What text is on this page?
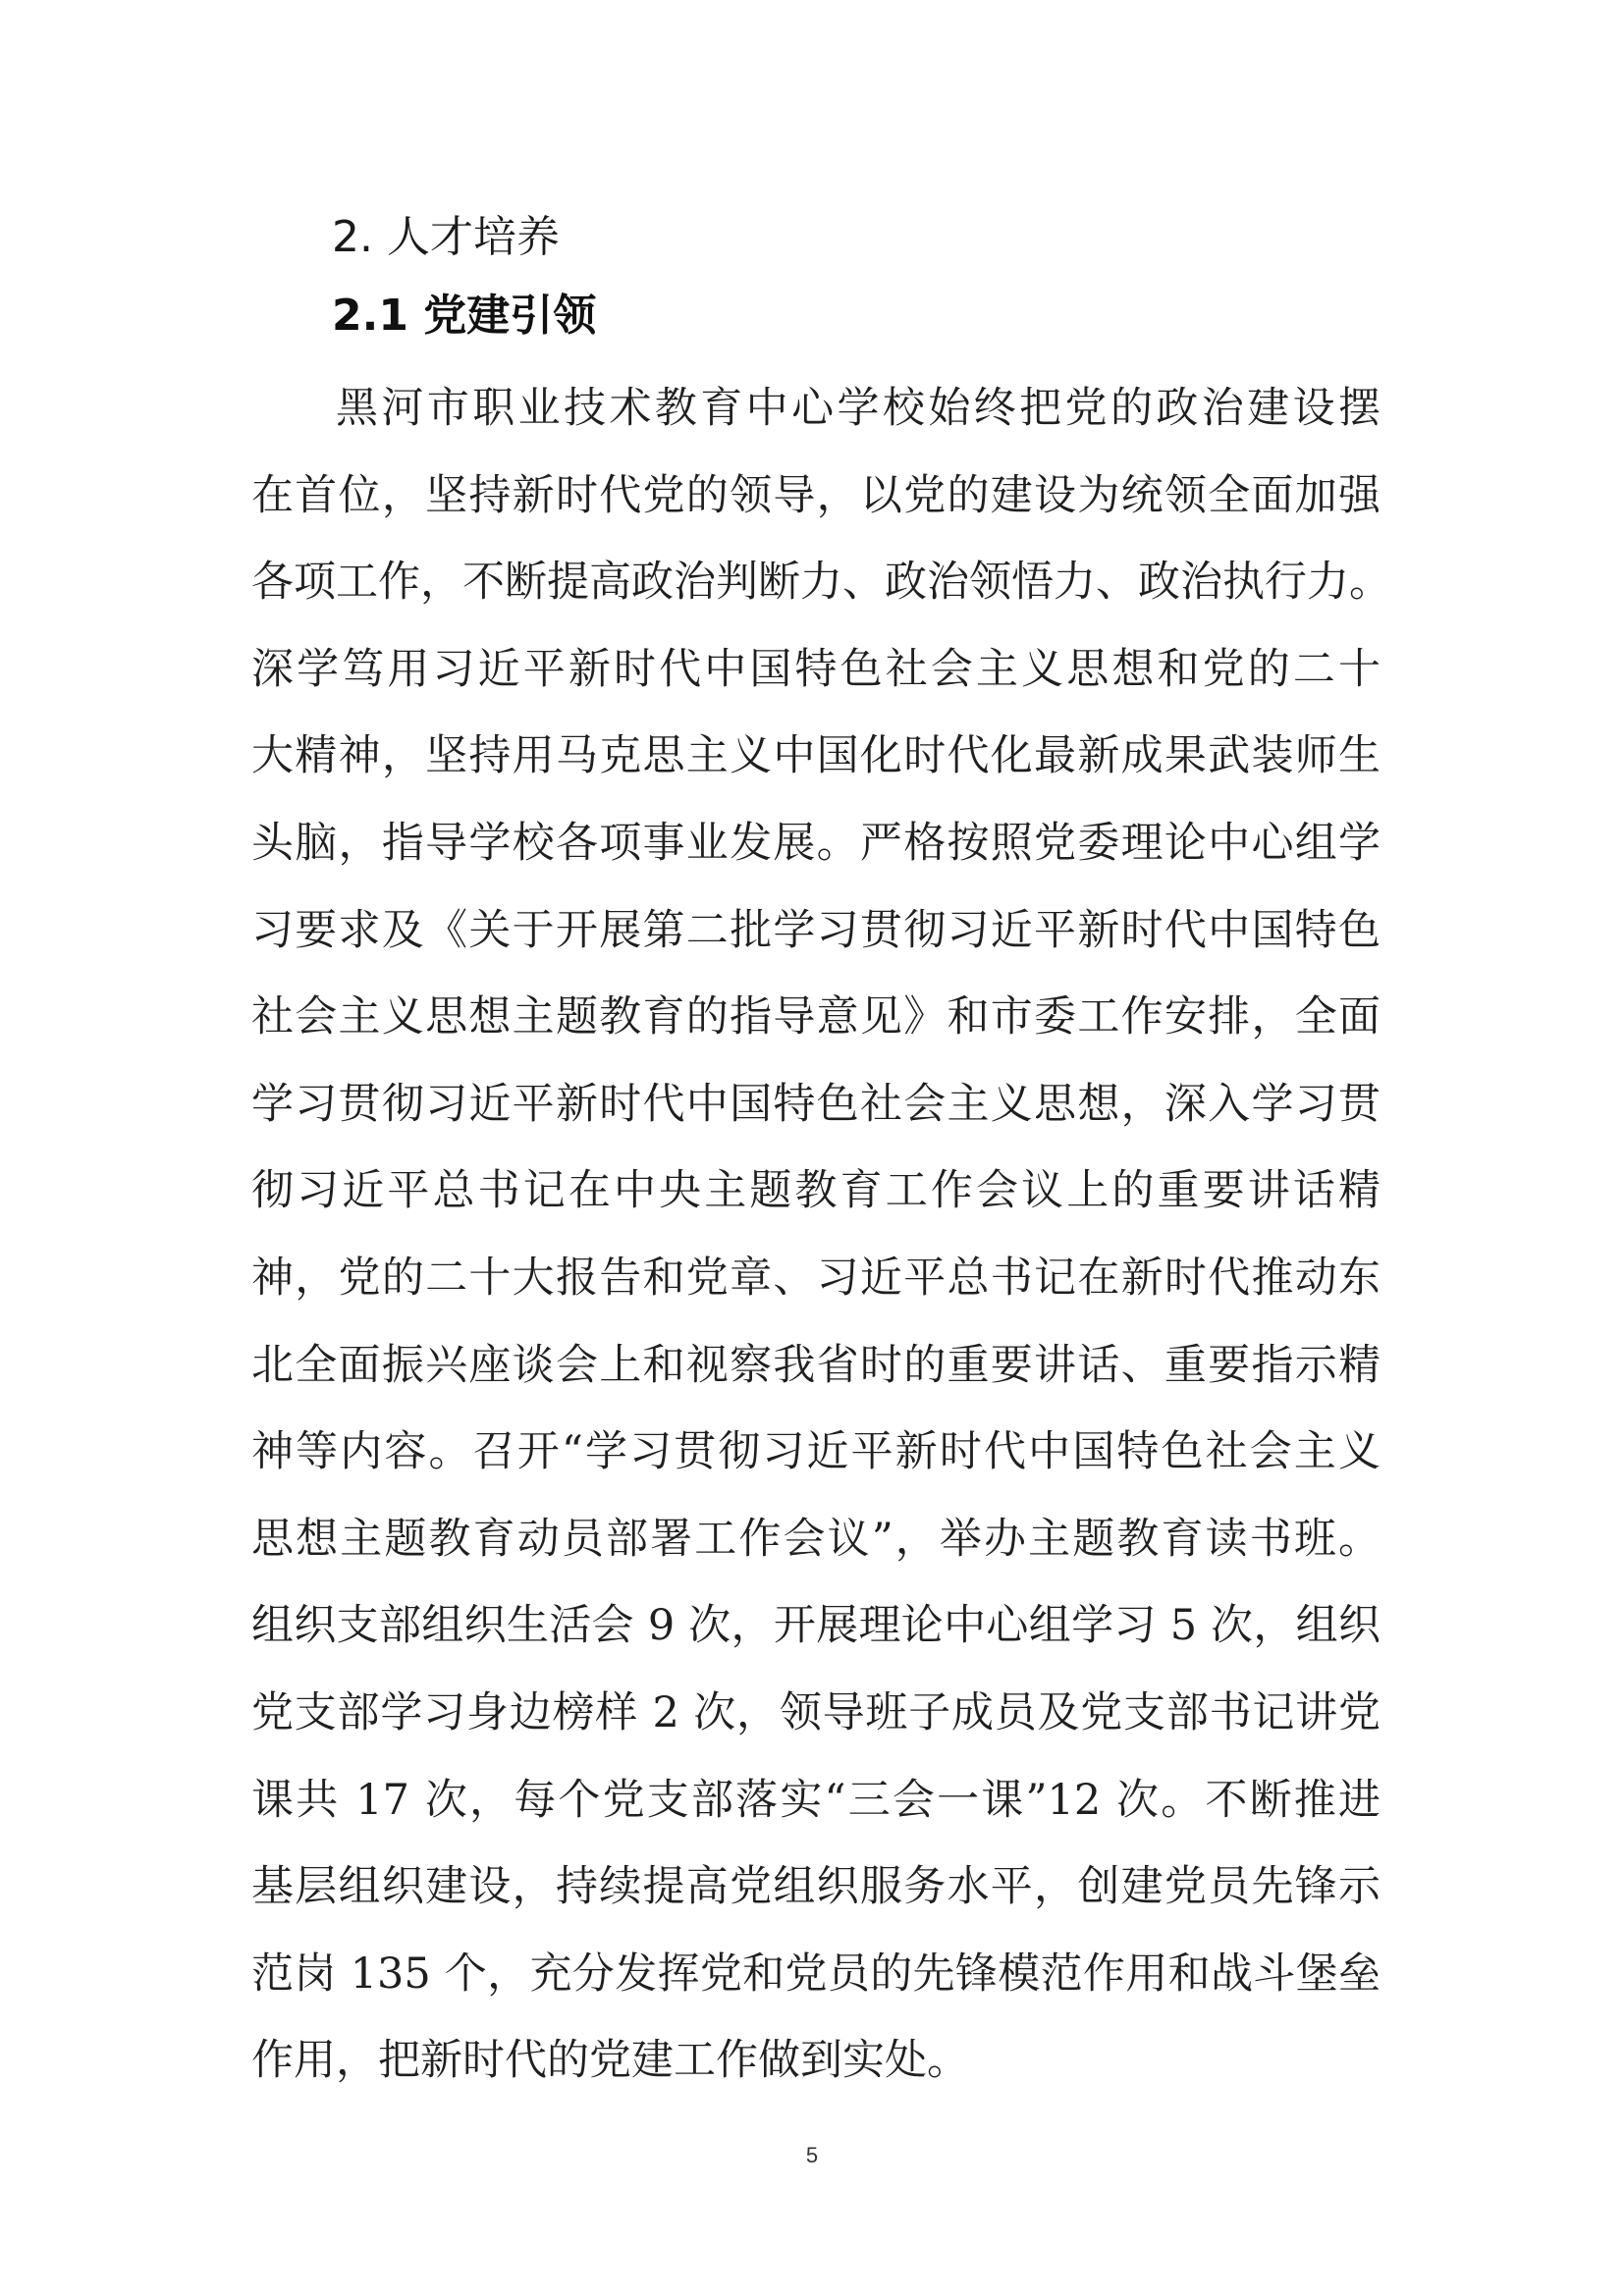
2. 人才培养
2.1 党建引领
黑河市职业技术教育中心学校始终把党的政治建设摆
在首位，坚持新时代党的领导，以党的建设为统领全面加强
各项工作，不断提高政治判断力、政治领悟力、政治执行力。
深学笃用习近平新时代中国特色社会主义思想和党的二十
大精神，坚持用马克思主义中国化时代化最新成果武装师生
头脑，指导学校各项事业发展。严格按照党委理论中心组学
习要求及《关于开展第二批学习贯彻习近平新时代中国特色
社会主义思想主题教育的指导意见》和市委工作安排，全面
学习贯彻习近平新时代中国特色社会主义思想，深入学习贯
彻习近平总书记在中央主题教育工作会议上的重要讲话精
神，党的二十大报告和党章、习近平总书记在新时代推动东
北全面振兴座谈会上和视察我省时的重要讲话、重要指示精
神等内容。召开“学习贯彻习近平新时代中国特色社会主义
思想主题教育动员部署工作会议”，举办主题教育读书班。
组织支部组织生活会 9 次，开展理论中心组学习 5 次，组织
党支部学习身边榜样 2 次，领导班子成员及党支部书记讲党
课共 17 次，每个党支部落实“三会一课”12 次。不断推进
基层组织建设，持续提高党组织服务水平，创建党员先锋示
范岗 135 个，充分发挥党和党员的先锋模范作用和战斗堡垒
作用，把新时代的党建工作做到实处。
5
